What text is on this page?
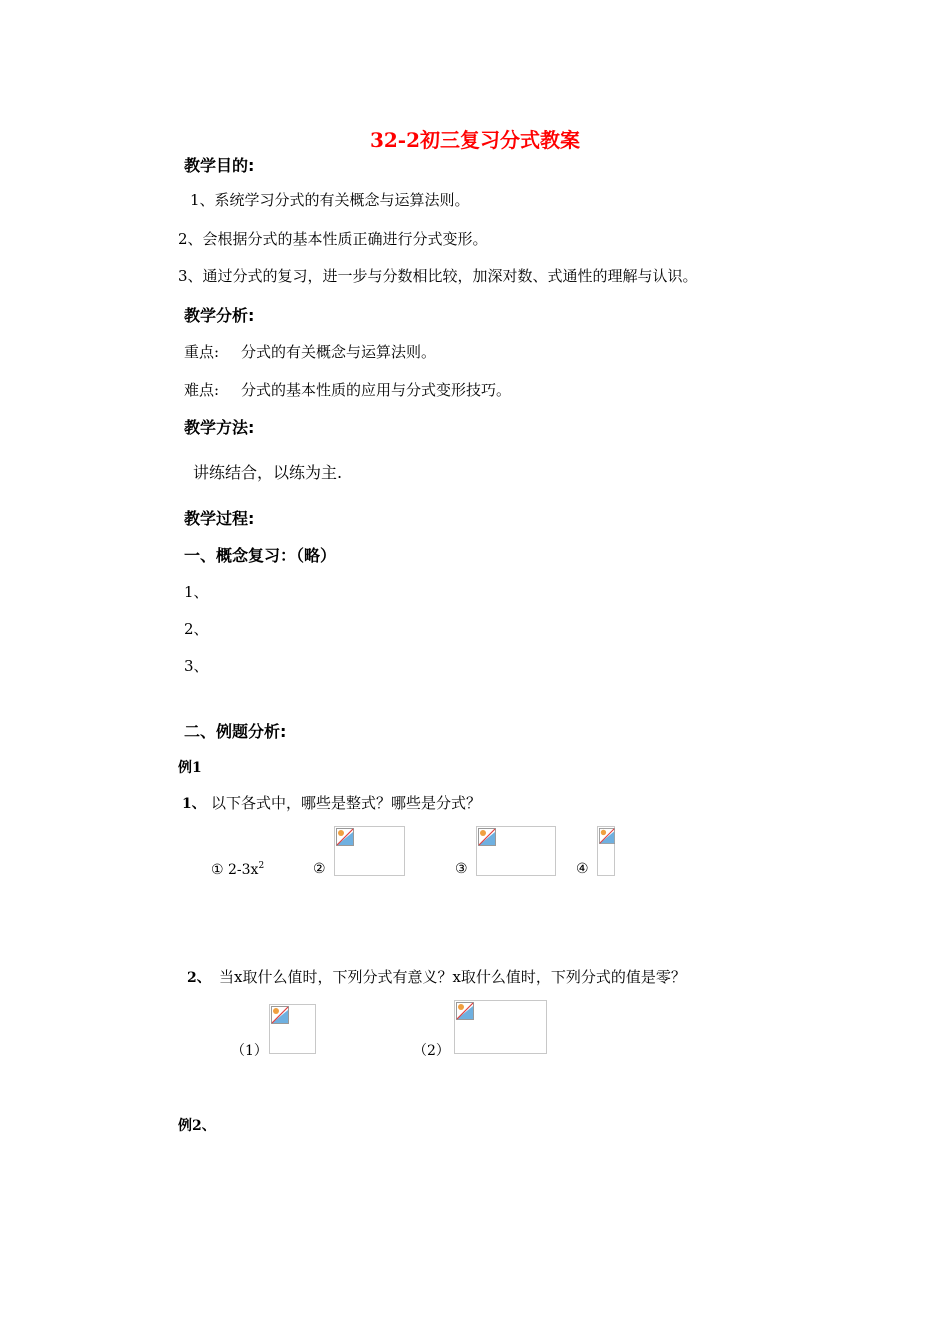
32-2初三复习分式教案
教学目的:
1、系统学习分式的有关概念与运算法则。
2、会根据分式的基本性质正确进行分式变形。
3、通过分式的复习，进一步与分数相比较，加深对数、式通性的理解与认识。
教学分析:
重点: 分式的有关概念与运算法则。
难点: 分式的基本性质的应用与分式变形技巧。
教学方法:
讲练结合，以练为主.
教学过程:
一、概念复习：（略）
1、
2、
3、
二、例题分析:
例1
1、 以下各式中，哪些是整式？哪些是分式？
① $2-3x^2$	②	③	④
2、 当x取什么值时，下列分式有意义？x取什么值时，下列分式的值是零？
（1）	（2）
例2、
